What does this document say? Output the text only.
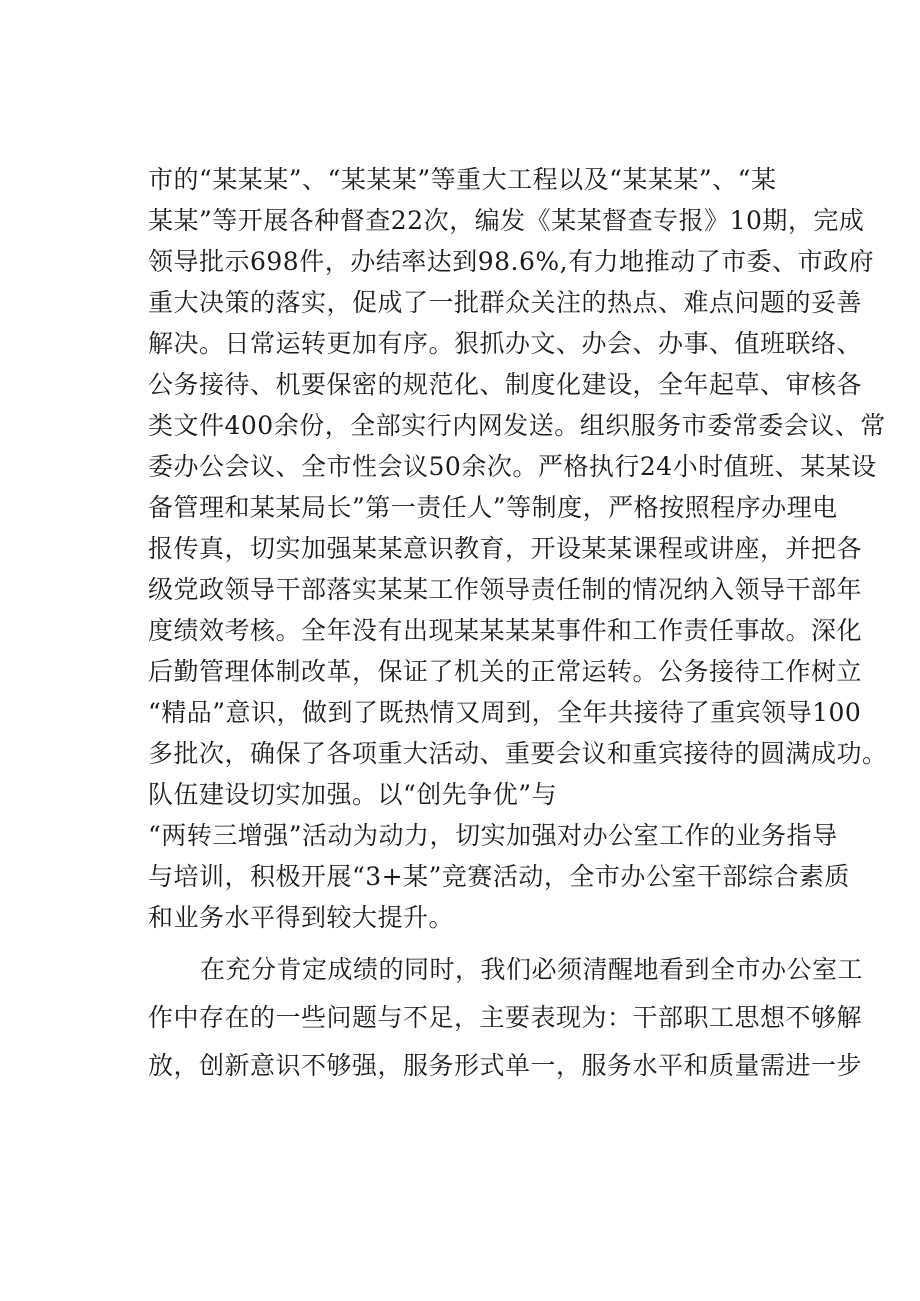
市的“某某某”、“某某某”等重大工程以及“某某某”、“某
某某”等开展各种督查22次，编发《某某督查专报》10期，完成
领导批示698件，办结率达到98.6%,有力地推动了市委、市政府
重大决策的落实，促成了一批群众关注的热点、难点问题的妥善
解决。日常运转更加有序。狠抓办文、办会、办事、值班联络、
公务接待、机要保密的规范化、制度化建设，全年起草、审核各
类文件400余份，全部实行内网发送。组织服务市委常委会议、常
委办公会议、全市性会议50余次。严格执行24小时值班、某某设
备管理和某某局长”第一责任人”等制度，严格按照程序办理电
报传真，切实加强某某意识教育，开设某某课程或讲座，并把各
级党政领导干部落实某某工作领导责任制的情况纳入领导干部年
度绩效考核。全年没有出现某某某某事件和工作责任事故。深化
后勤管理体制改革，保证了机关的正常运转。公务接待工作树立
“精品”意识，做到了既热情又周到，全年共接待了重宾领导100
多批次，确保了各项重大活动、重要会议和重宾接待的圆满成功。
队伍建设切实加强。以“创先争优”与
“两转三增强”活动为动力，切实加强对办公室工作的业务指导
与培训，积极开展“3+某”竞赛活动，全市办公室干部综合素质
和业务水平得到较大提升。
在充分肯定成绩的同时，我们必须清醒地看到全市办公室工
作中存在的一些问题与不足，主要表现为：干部职工思想不够解
放，创新意识不够强，服务形式单一，服务水平和质量需进一步
